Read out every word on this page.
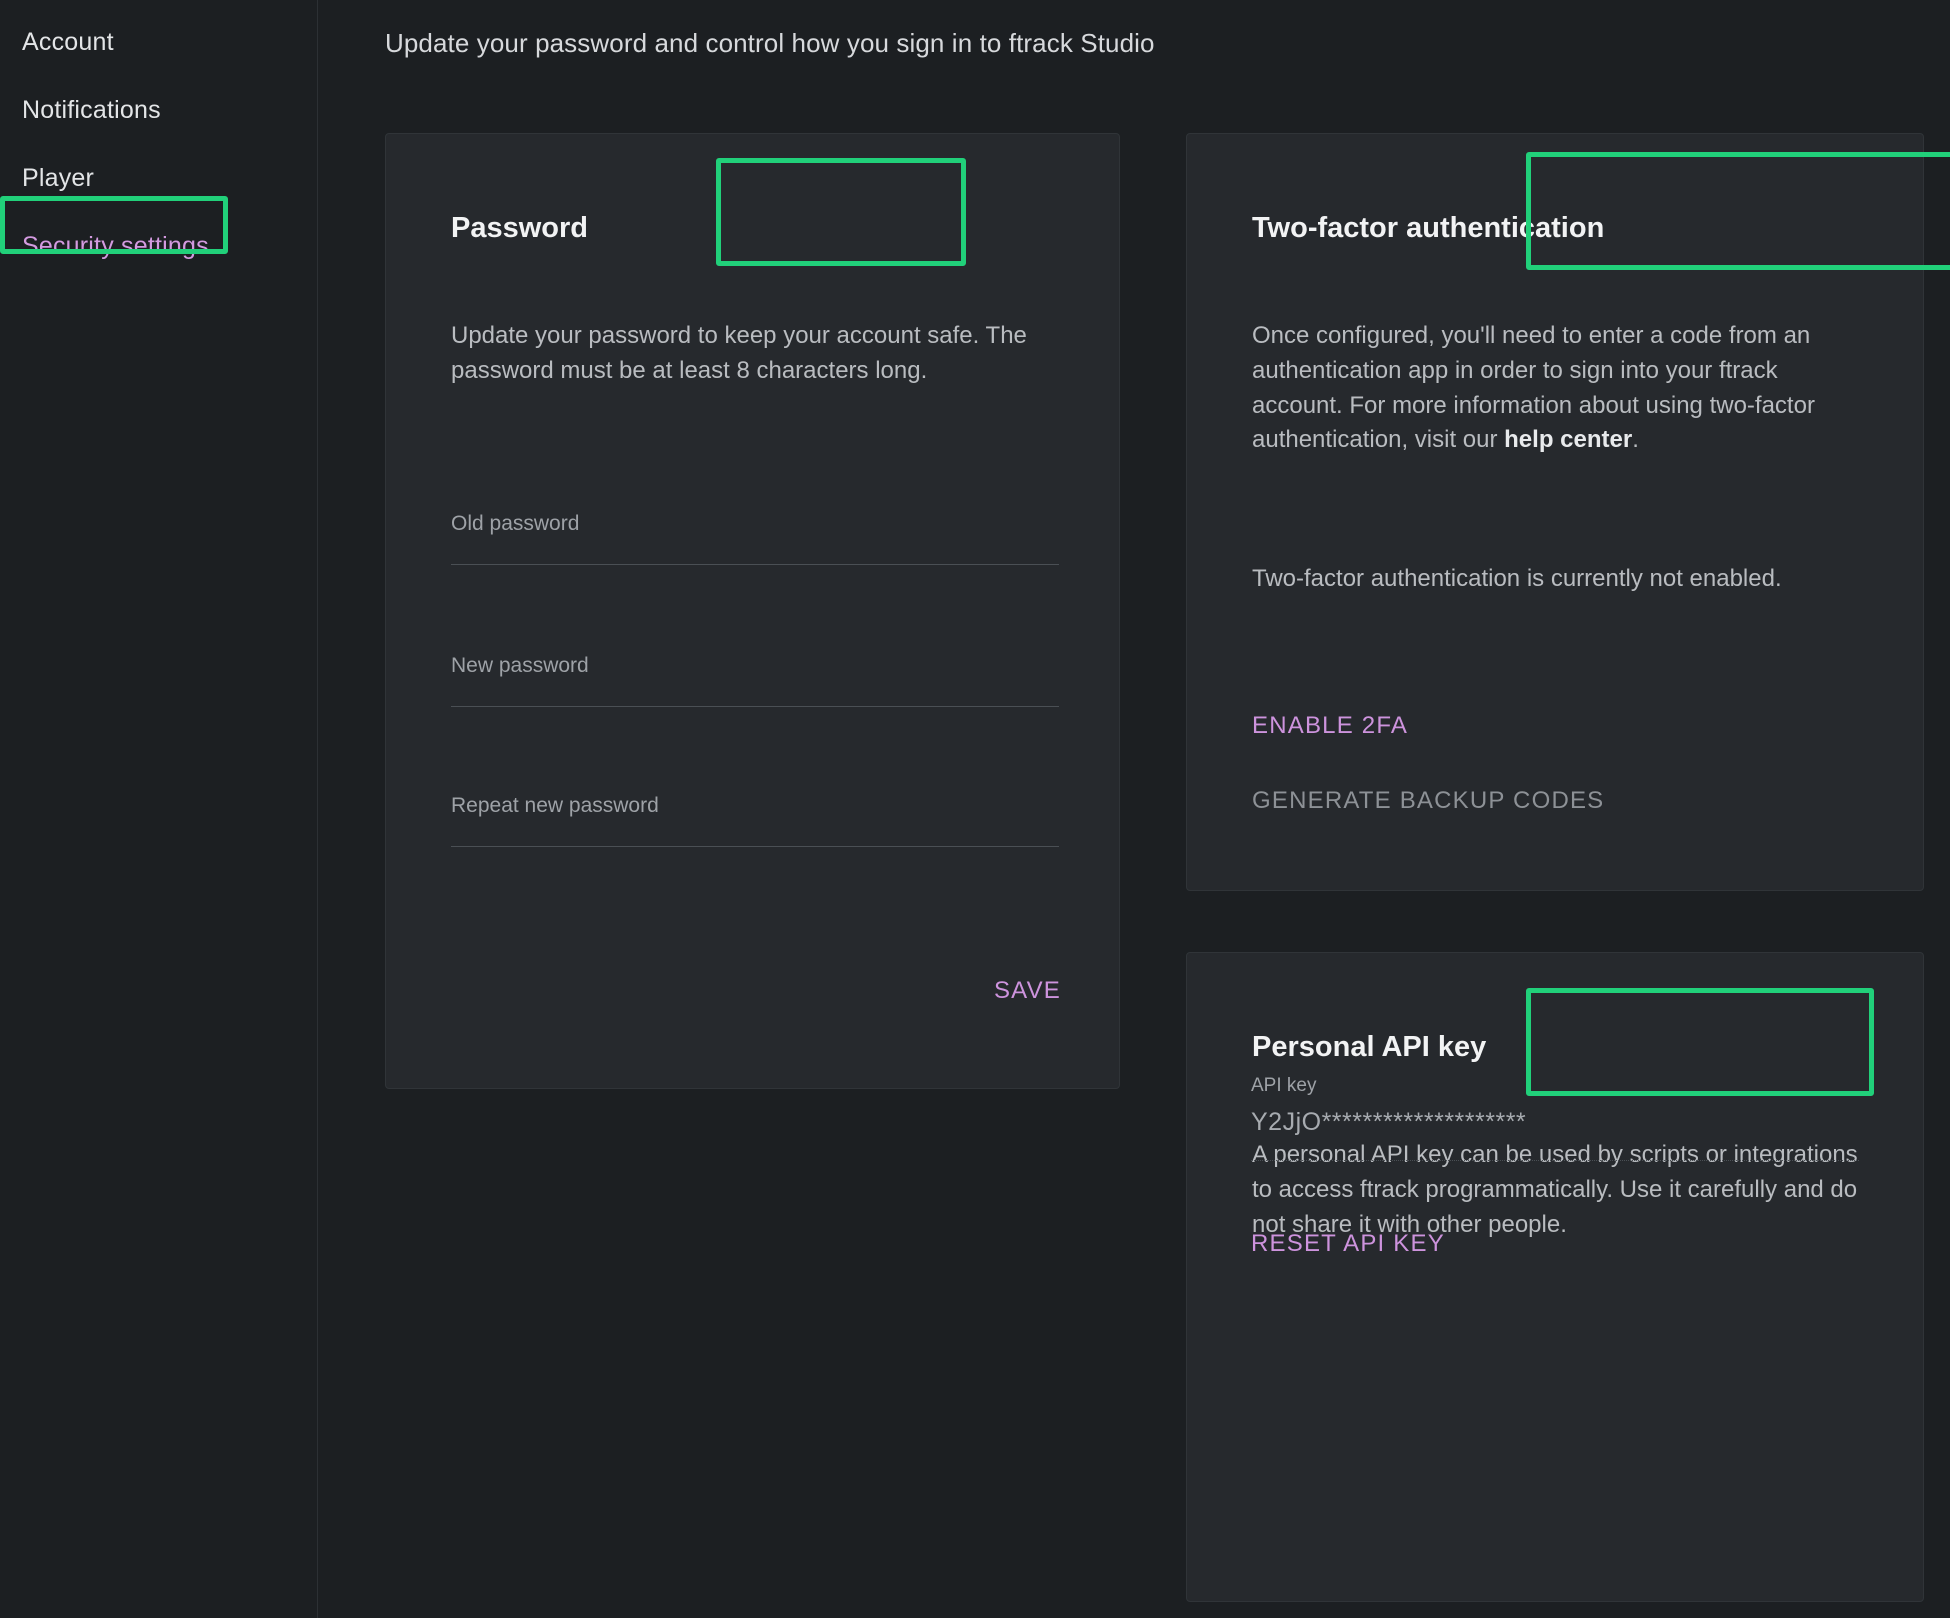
Account
Notifications
Player
Security settings
Update your password and control how you sign in to ftrack Studio
Password
Update your password to keep your account safe. The password must be at least 8 characters long.
Old password
New password
Repeat new password
SAVE
Two-factor authentication
Once configured, you'll need to enter a code from an authentication app in order to sign into your ftrack account. For more information about using two-factor authentication, visit our help center.
Two-factor authentication is currently not enabled.
ENABLE 2FA
GENERATE BACKUP CODES
Personal API key
A personal API key can be used by scripts or integrations to access ftrack programmatically. Use it carefully and do not share it with other people.
API key
Y2JjO********************
RESET API KEY
